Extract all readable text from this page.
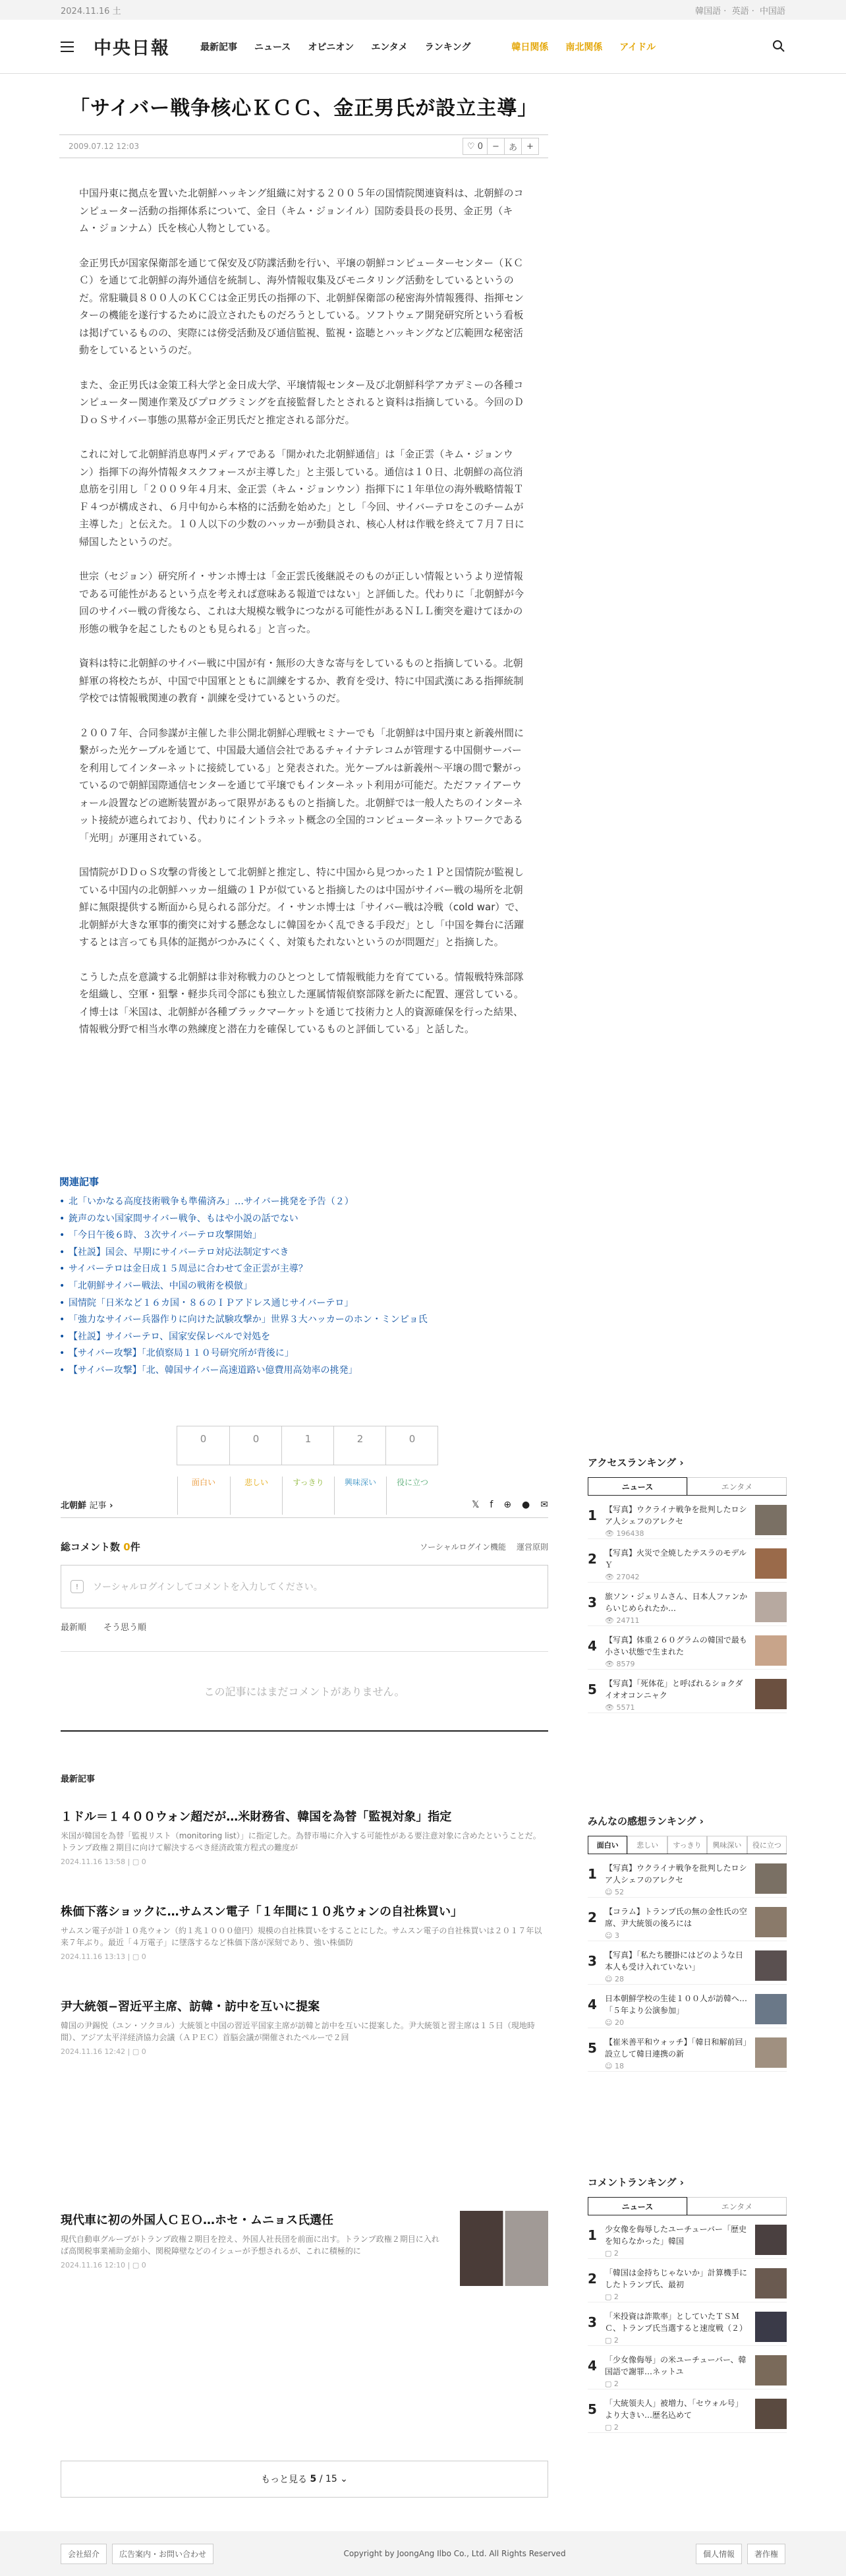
2024.11.16 土	韓国語 · 英語 · 中国語
中央日報	最新記事 ニュース オピニオン エンタメ ランキング	韓日関係 南北関係 アイドル
「サイバー戦争核心ＫＣＣ、金正男氏が設立主導」
2009.07.12 12:03	♡ 0	−	あ	+

中国丹東に拠点を置いた北朝鮮ハッキング組織に対する２００５年の国情院関連資料は、北朝鮮のコンピューター活動の指揮体系について、金日（キム・ジョンイル）国防委員長の長男、金正男（キム・ジョンナム）氏を核心人物としている。

金正男氏が国家保衛部を通じて保安及び防諜活動を行い、平壌の朝鮮コンピューターセンター（ＫＣＣ）を通じて北朝鮮の海外通信を統制し、海外情報収集及びモニタリング活動をしているというのだ。常駐職員８００人のＫＣＣは金正男氏の指揮の下、北朝鮮保衛部の秘密海外情報獲得、指揮センターの機能を遂行するために設立されたものだろうとしている。ソフトウェア開発研究所という看板は掲げているものの、実際には傍受活動及び通信監視、監視・盗聴とハッキングなど広範囲な秘密活動をしているというのだ。

また、金正男氏は金策工科大学と金日成大学、平壌情報センター及び北朝鮮科学アカデミーの各種コンピューター関連作業及びプログラミングを直接監督したとされると資料は指摘している。今回のＤＤｏＳサイバー事態の黒幕が金正男氏だと推定される部分だ。

これに対して北朝鮮消息専門メディアである「開かれた北朝鮮通信」は「金正雲（キム・ジョンウン）指揮下の海外情報タスクフォースが主導した」と主張している。通信は１０日、北朝鮮の高位消息筋を引用し「２００９年４月末、金正雲（キム・ジョンウン）指揮下に１年単位の海外戦略情報ＴＦ４つが構成され、６月中旬から本格的に活動を始めた」とし「今回、サイバーテロをこのチームが主導した」と伝えた。１０人以下の少数のハッカーが動員され、核心人材は作戦を終えて７月７日に帰国したというのだ。

世宗（セジョン）研究所イ・サンホ博士は「金正雲氏後継説そのものが正しい情報というより逆情報である可能性があるという点を考えれば意味ある報道ではない」と評価した。代わりに「北朝鮮が今回のサイバー戦の背後なら、これは大規模な戦争につながる可能性があるＮＬＬ衝突を避けてほかの形態の戦争を起こしたものとも見られる」と言った。

資料は特に北朝鮮のサイバー戦に中国が有・無形の大きな寄与をしているものと指摘している。北朝鮮軍の将校たちが、中国で中国軍とともに訓練をするか、教育を受け、特に中国武漢にある指揮統制学校では情報戦関連の教育・訓練を受けているというのだ。

２００７年、合同参謀が主催した非公開北朝鮮心理戦セミナーでも「北朝鮮は中国丹東と新義州間に繋がった光ケーブルを通じて、中国最大通信会社であるチャイナテレコムが管理する中国側サーバーを利用してインターネットに接続している」と発表された。光ケーブルは新義州〜平壌の間で繋がっているので朝鮮国際通信センターを通じて平壌でもインターネット利用が可能だ。ただファイアーウォール設置などの遮断装置があって限界があるものと指摘した。北朝鮮では一般人たちのインターネット接続が遮られており、代わりにイントラネット概念の全国的コンピューターネットワークである「光明」が運用されている。

国情院がＤＤｏＳ攻撃の背後として北朝鮮と推定し、特に中国から見つかった１Ｐと国情院が監視している中国内の北朝鮮ハッカー組織の１Ｐが似ていると指摘したのは中国がサイバー戦の場所を北朝鮮に無限提供する断面から見られる部分だ。イ・サンホ博士は「サイバー戦は冷戦（cold war）で、北朝鮮が大きな軍事的衝突に対する懸念なしに韓国をかく乱できる手段だ」とし「中国を舞台に活躍するとは言っても具体的証拠がつかみにくく、対策もたれないというのが問題だ」と指摘した。

こうした点を意識する北朝鮮は非対称戦力のひとつとして情報戦能力を育てている。情報戦特殊部隊を組織し、空軍・狙撃・軽歩兵司令部にも独立した運属情報偵察部隊を新たに配置、運営している。イ博士は「米国は、北朝鮮が各種ブラックマーケットを通じて技術力と人的資源確保を行った結果、情報戦分野で相当水準の熟練度と潜在力を確保しているものと評価している」と話した。

関連記事
• 北「いかなる高度技術戦争も準備済み」…サイバー挑発を予告（２）
• 銃声のない国家間サイバー戦争、もはや小説の話でない
• 「今日午後６時、３次サイバーテロ攻撃開始」
• 【社説】国会、早期にサイバーテロ対応法制定すべき
• サイバーテロは金日成１５周忌に合わせて金正雲が主導？
• 「北朝鮮サイバー戦法、中国の戦術を模倣」
• 国情院「日米など１６カ国・８６のＩＰアドレス通じサイバーテロ」
• 「強力なサイバー兵器作りに向けた試験攻撃か」世界３大ハッカーのホン・ミンピョ氏
• 【社説】サイバーテロ、国家安保レベルで対処を
• 【サイバー攻撃】「北偵察局１１０号研究所が背後に」
• 【サイバー攻撃】「北、韓国サイバー高速道路い億費用高効率の挑発」
0
面白い
0
悲しい
1
すっきり
2
興味深い
0
役に立つ
北朝鮮 記事 ›	𝕏 f ⊕ ● ✉
総コメント数 0件	ソーシャルログイン機能 運営原則
!	ソーシャルログインしてコメントを入力してください。
最新順 そう思う順
この記事にはまだコメントがありません。
最新記事
１ドル＝１４００ウォン超だが…米財務省、韓国を為替「監視対象」指定
米国が韓国を為替「監視リスト（monitoring list）」に指定した。為替市場に介入する可能性がある要注意対象に含めたということだ。トランプ政権２期目に向けて解決するべき経済政策方程式の難度が
2024.11.16 13:58 | ▢ 0
株価下落ショックに…サムスン電子「１年間に１０兆ウォンの自社株買い」
サムスン電子が計１０兆ウォン（約１兆１０００億円）規模の自社株買いをすることにした。サムスン電子の自社株買いは２０１７年以来７年ぶり。最近「４万電子」に墜落するなど株価下落が深刻であり、強い株価防
2024.11.16 13:13 | ▢ 0
尹大統領−習近平主席、訪韓・訪中を互いに提案
韓国の尹錫悦（ユン・ソクヨル）大統領と中国の習近平国家主席が訪韓と訪中を互いに提案した。尹大統領と習主席は１５日（現地時間）、アジア太平洋経済協力会議（ＡＰＥＣ）首脳会議が開催されたペルーで２回
2024.11.16 12:42 | ▢ 0
現代車に初の外国人ＣＥＯ…ホセ・ムニョス氏選任
現代自動車グループがトランプ政権２期目を控え、外国人社長団を前面に出す。トランプ政権２期目に入れば高関税事業補助金縮小、関税障壁などのイシューが予想されるが、これに積極的に
2024.11.16 12:10 | ▢ 0
もっと見る
5 / 15 ⌄
アクセスランキング ›
ニュース	エンタメ
1 【写真】ウクライナ戦争を批判したロシア人シェフのアレクセ
👁 196438
2 【写真】火災で全焼したテスラのモデルＹ
👁 27042
3 旅ソン・ジェリムさん、日本人ファンからいじめられたか…
👁 24711
4 【写真】体重２６０グラムの韓国で最も小さい状態で生まれた
👁 8579
5 【写真】「死体花」と呼ばれるショクダイオオコンニャク
👁 5571
みんなの感想ランキング ›
面白い	悲しい	すっきり	興味深い	役に立つ
1 【写真】ウクライナ戦争を批判したロシア人シェフのアレクセ
☺ 52
2 【コラム】トランプ氏の無の金性氏の空席、尹大統領の後ろには
☺ 3
3 【写真】「私たち腰掛にはどのような日本人も受け入れていない」
☺ 28
4 日本朝鮮学校の生徒１００人が訪韓へ…「５年より公演参加」
☺ 20
5 【崔米善平和ウォッチ】「韓日和解前回」設立して韓日連携の新
☺ 18
コメントランキング ›
ニュース	エンタメ
1 少女像を侮辱したユーチューバー「歴史を知らなかった」韓国
▢ 2
2 「韓国は金持ちじゃないか」計算機手にしたトランプ氏、最初
▢ 2
3 「米投資は詐欺率」としていたＴＳＭＣ、トランプ氏当選すると速度戦（２）
▢ 2
4 「少女像侮辱」の米ユーチューバー、韓国語で謝罪…ネットユ
▢ 2
5 「大統領夫人」被増力、「セウォル号」より大きい…歴名込めて
▢ 2
会社紹介	広告案内・お問い合わせ	Copyright by JoongAng Ilbo Co., Ltd. All Rights Reserved	個人情報	著作権
